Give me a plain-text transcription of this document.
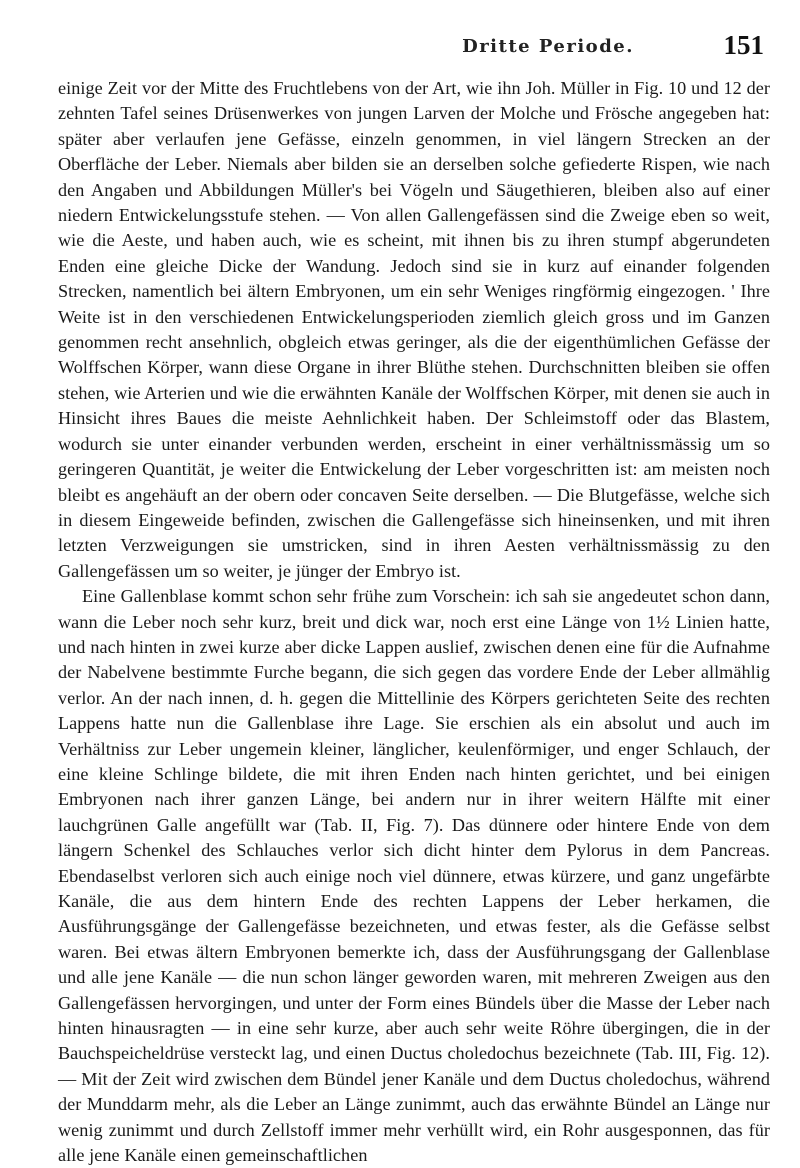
Dritte Periode.	151

einige Zeit vor der Mitte des Fruchtlebens von der Art, wie ihn Joh. Müller in Fig. 10 und 12 der zehnten Tafel seines Drüsenwerkes von jungen Larven der Molche und Frösche angegeben hat: später aber verlaufen jene Gefässe, einzeln genommen, in viel längern Strecken an der Oberfläche der Leber. Niemals aber bilden sie an derselben solche gefiederte Rispen, wie nach den Angaben und Abbildungen Müller's bei Vögeln und Säugethieren, bleiben also auf einer niedern Entwickelungsstufe stehen. — Von allen Gallengefässen sind die Zweige eben so weit, wie die Aeste, und haben auch, wie es scheint, mit ihnen bis zu ihren stumpf abgerundeten Enden eine gleiche Dicke der Wandung. Jedoch sind sie in kurz auf einander folgenden Strecken, namentlich bei ältern Embryonen, um ein sehr Weniges ringförmig eingezogen. ' Ihre Weite ist in den verschiedenen Entwickelungsperioden ziemlich gleich gross und im Ganzen genommen recht ansehnlich, obgleich etwas geringer, als die der eigenthümlichen Gefässe der Wolffschen Körper, wann diese Organe in ihrer Blüthe stehen. Durchschnitten bleiben sie offen stehen, wie Arterien und wie die erwähnten Kanäle der Wolffschen Körper, mit denen sie auch in Hinsicht ihres Baues die meiste Aehnlichkeit haben. Der Schleimstoff oder das Blastem, wodurch sie unter einander verbunden werden, erscheint in einer verhältnissmässig um so geringeren Quantität, je weiter die Entwickelung der Leber vorgeschritten ist: am meisten noch bleibt es angehäuft an der obern oder concaven Seite derselben. — Die Blutgefässe, welche sich in diesem Eingeweide befinden, zwischen die Gallengefässe sich hineinsenken, und mit ihren letzten Verzweigungen sie umstricken, sind in ihren Aesten verhältnissmässig zu den Gallengefässen um so weiter, je jünger der Embryo ist.

Eine Gallenblase kommt schon sehr frühe zum Vorschein: ich sah sie angedeutet schon dann, wann die Leber noch sehr kurz, breit und dick war, noch erst eine Länge von 1½ Linien hatte, und nach hinten in zwei kurze aber dicke Lappen auslief, zwischen denen eine für die Aufnahme der Nabelvene bestimmte Furche begann, die sich gegen das vordere Ende der Leber allmählig verlor. An der nach innen, d. h. gegen die Mittellinie des Körpers gerichteten Seite des rechten Lappens hatte nun die Gallenblase ihre Lage. Sie erschien als ein absolut und auch im Verhältniss zur Leber ungemein kleiner, länglicher, keulenförmiger, und enger Schlauch, der eine kleine Schlinge bildete, die mit ihren Enden nach hinten gerichtet, und bei einigen Embryonen nach ihrer ganzen Länge, bei andern nur in ihrer weitern Hälfte mit einer lauchgrünen Galle angefüllt war (Tab. II, Fig. 7). Das dünnere oder hintere Ende von dem längern Schenkel des Schlauches verlor sich dicht hinter dem Pylorus in dem Pancreas. Ebendaselbst verloren sich auch einige noch viel dünnere, etwas kürzere, und ganz ungefärbte Kanäle, die aus dem hintern Ende des rechten Lappens der Leber herkamen, die Ausführungsgänge der Gallengefässe bezeichneten, und etwas fester, als die Gefässe selbst waren. Bei etwas ältern Embryonen bemerkte ich, dass der Ausführungsgang der Gallenblase und alle jene Kanäle — die nun schon länger geworden waren, mit mehreren Zweigen aus den Gallengefässen hervorgingen, und unter der Form eines Bündels über die Masse der Leber nach hinten hinausragten — in eine sehr kurze, aber auch sehr weite Röhre übergingen, die in der Bauchspeicheldrüse versteckt lag, und einen Ductus choledochus bezeichnete (Tab. III, Fig. 12). — Mit der Zeit wird zwischen dem Bündel jener Kanäle und dem Ductus choledochus, während der Munddarm mehr, als die Leber an Länge zunimmt, auch das erwähnte Bündel an Länge nur wenig zunimmt und durch Zellstoff immer mehr verhüllt wird, ein Rohr ausgesponnen, das für alle jene Kanäle einen gemeinschaftlichen
